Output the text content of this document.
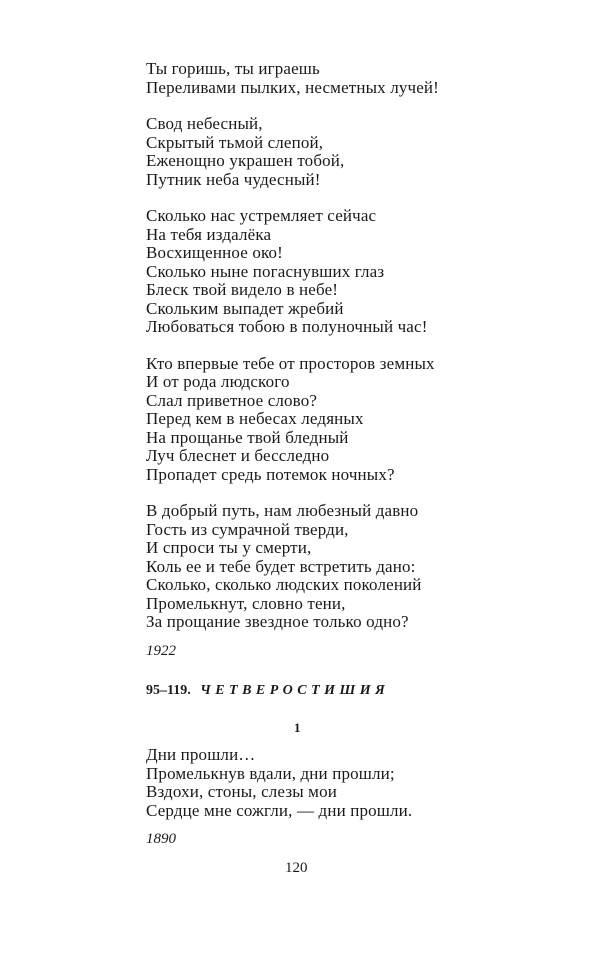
Ты горишь, ты играешь
Переливами пылких, несметных лучей!
Свод небесный,
Скрытый тьмой слепой,
Еженощно украшен тобой,
Путник неба чудесный!
Сколько нас устремляет сейчас
На тебя издалёка
Восхищенное око!
Сколько ныне погаснувших глаз
Блеск твой видело в небе!
Скольким выпадет жребий
Любоваться тобою в полуночный час!
Кто впервые тебе от просторов земных
И от рода людского
Слал приветное слово?
Перед кем в небесах ледяных
На прощанье твой бледный
Луч блеснет и бесследно
Пропадет средь потемок ночных?
В добрый путь, нам любезный давно
Гость из сумрачной тверди,
И спроси ты у смерти,
Коль ее и тебе будет встретить дано:
Сколько, сколько людских поколений
Промелькнут, словно тени,
За прощание звездное только одно?
1922
95–119. ЧЕТВЕРОСТИШИЯ
1
Дни прошли…
Промелькнув вдали, дни прошли;
Вздохи, стоны, слезы мои
Сердце мне сожгли, — дни прошли.
1890
120
